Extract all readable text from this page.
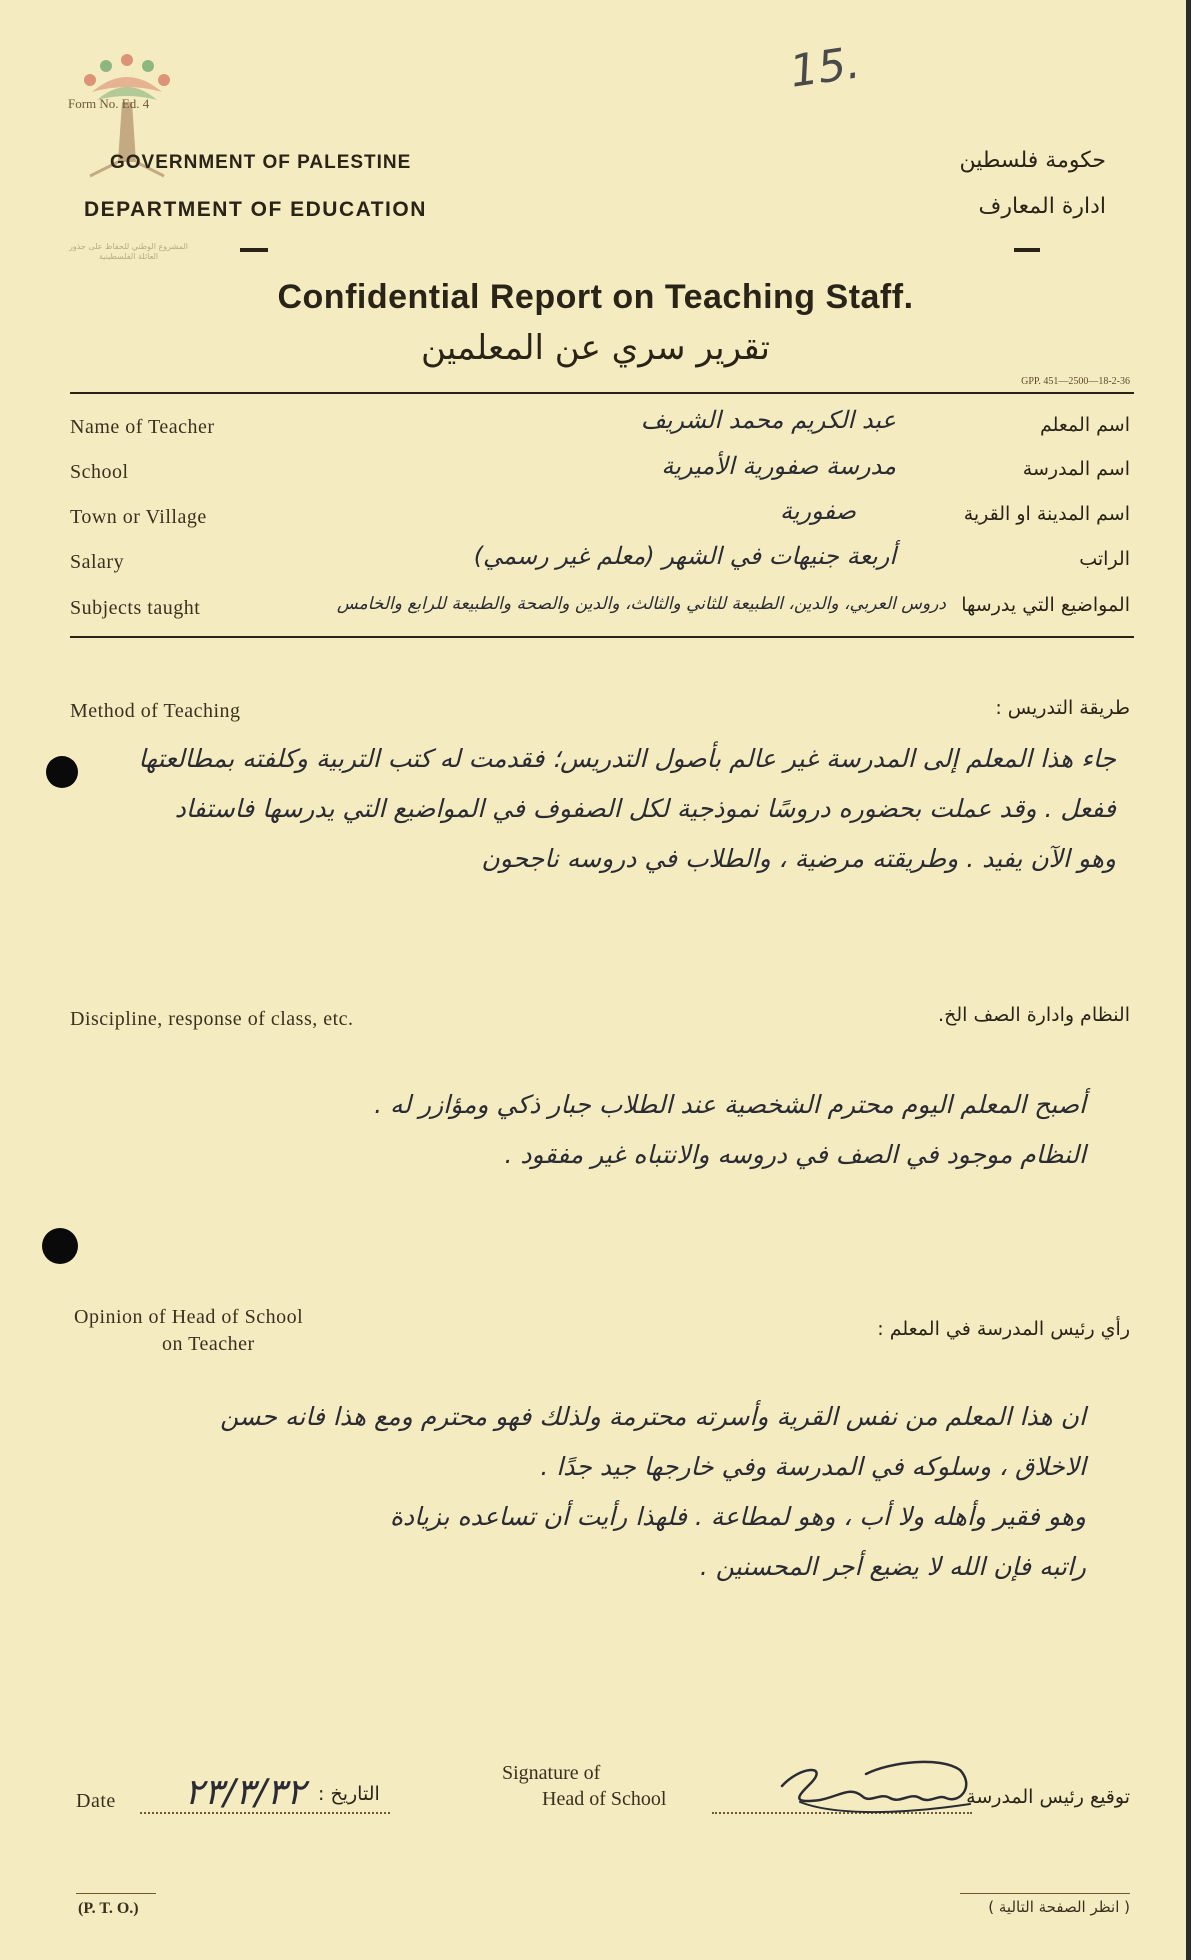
Form No. Ed. 4
GOVERNMENT OF PALESTINE
DEPARTMENT OF EDUCATION
المشروع الوطني للحفاظ على جذور العائلة الفلسطينية
حكومة فلسطين
ادارة المعارف
15.
Confidential Report on Teaching Staff.
تقرير سري عن المعلمين
GPP. 451—2500—18-2-36
Name of Teacher	اسم المعلم
عبد الكريم محمد الشريف
School	اسم المدرسة
مدرسة صفورية الأميرية
Town or Village	اسم المدينة او القرية
صفورية
Salary	الراتب
أربعة جنيهات في الشهر (معلم غير رسمي)
Subjects taught	المواضيع التي يدرسها
دروس العربي، والدين، الطبيعة للثاني والثالث، والدين والصحة والطبيعة للرابع والخامس
Method of Teaching	طريقة التدريس :
جاء هذا المعلم إلى المدرسة غير عالم بأصول التدريس؛ فقدمت له كتب التربية وكلفته بمطالعتها
ففعل . وقد عملت بحضوره دروسًا نموذجية لكل الصفوف في المواضيع التي يدرسها فاستفاد
وهو الآن يفيد . وطريقته مرضية ، والطلاب في دروسه ناجحون
Discipline, response of class, etc.	النظام وادارة الصف الخ.
أصبح المعلم اليوم محترم الشخصية عند الطلاب جبار ذكي ومؤازر له .
النظام موجود في الصف في دروسه والانتباه غير مفقود .
Opinion of Head of School
on Teacher
رأي رئيس المدرسة في المعلم :
ان هذا المعلم من نفس القرية وأسرته محترمة ولذلك فهو محترم ومع هذا فانه حسن
الاخلاق ، وسلوكه في المدرسة وفي خارجها جيد جدًا .
وهو فقير وأهله ولا أب ، وهو لمطاعة . فلهذا رأيت أن تساعده بزيادة
راتبه فإن الله لا يضيع أجر المحسنين .
Date ٢٣/٣/٣٢ التاريخ :
Signature of
Head of School	توقيع رئيس المدرسة
(P. T. O.)	( انظر الصفحة التالية )
